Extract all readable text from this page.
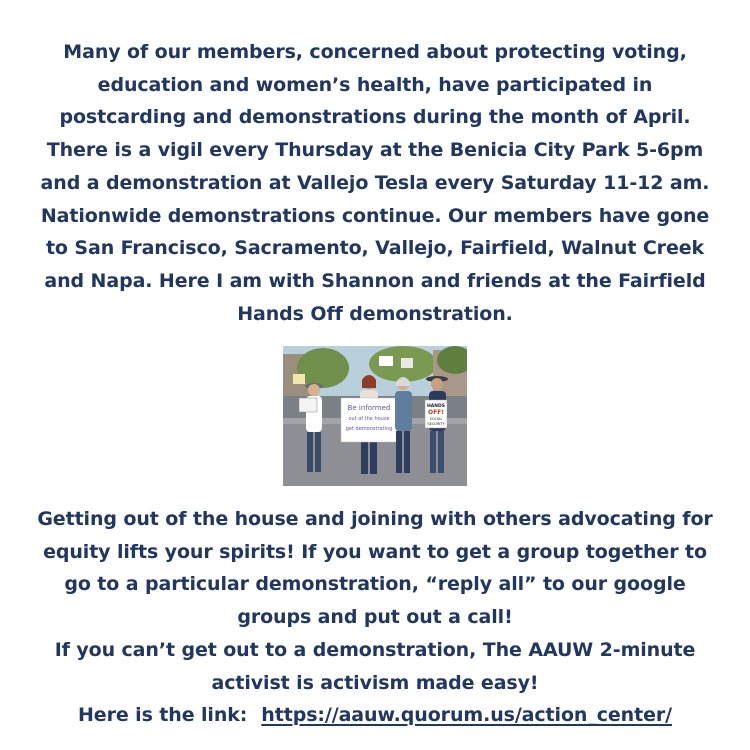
Many of our members, concerned about protecting voting,
education and women’s health, have participated in
postcarding and demonstrations during the month of April.
There is a vigil every Thursday at the Benicia City Park 5-6pm
and a demonstration at Vallejo Tesla every Saturday 11-12 am.
Nationwide demonstrations continue. Our members have gone
to San Francisco, Sacramento, Vallejo, Fairfield, Walnut Creek
and Napa. Here I am with Shannon and friends at the Fairfield
Hands Off demonstration.

Be informed
out of the house
get demonstrating
HANDS
OFF!
SOCIAL
SECURITY

Getting out of the house and joining with others advocating for
equity lifts your spirits! If you want to get a group together to
go to a particular demonstration, “reply all” to our google
groups and put out a call!
If you can’t get out to a demonstration, The AAUW 2-minute
activist is activism made easy!
Here is the link: https://aauw.quorum.us/action_center/
